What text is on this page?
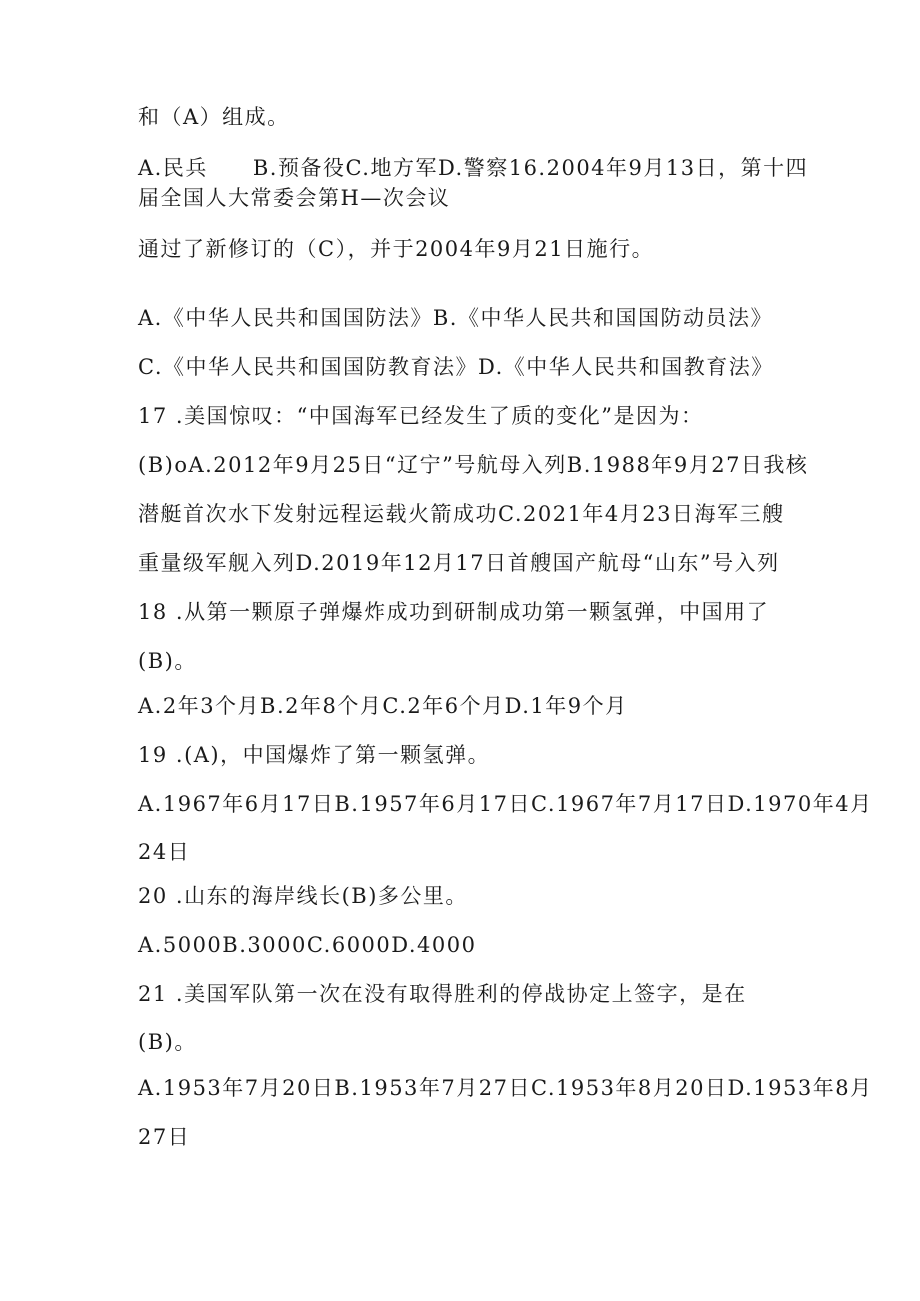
和（A）组成。
A.民兵　　B.预备役C.地方军D.警察16.2004年9月13日，第十四
届全国人大常委会第H—次会议
通过了新修订的（C），并于2004年9月21日施行。
A.《中华人民共和国国防法》B.《中华人民共和国国防动员法》
C.《中华人民共和国国防教育法》D.《中华人民共和国教育法》
17 .美国惊叹：“中国海军已经发生了质的变化”是因为：
(B)oA.2012年9月25日“辽宁”号航母入列B.1988年9月27日我核
潜艇首次水下发射远程运载火箭成功C.2021年4月23日海军三艘
重量级军舰入列D.2019年12月17日首艘国产航母“山东”号入列
18 .从第一颗原子弹爆炸成功到研制成功第一颗氢弹，中国用了
(B)。
A.2年3个月B.2年8个月C.2年6个月D.1年9个月
19 .(A)，中国爆炸了第一颗氢弹。
A.1967年6月17日B.1957年6月17日C.1967年7月17日D.1970年4月
24日
20 .山东的海岸线长(B)多公里。
A.5000B.3000C.6000D.4000
21 .美国军队第一次在没有取得胜利的停战协定上签字，是在
(B)。
A.1953年7月20日B.1953年7月27日C.1953年8月20日D.1953年8月
27日
